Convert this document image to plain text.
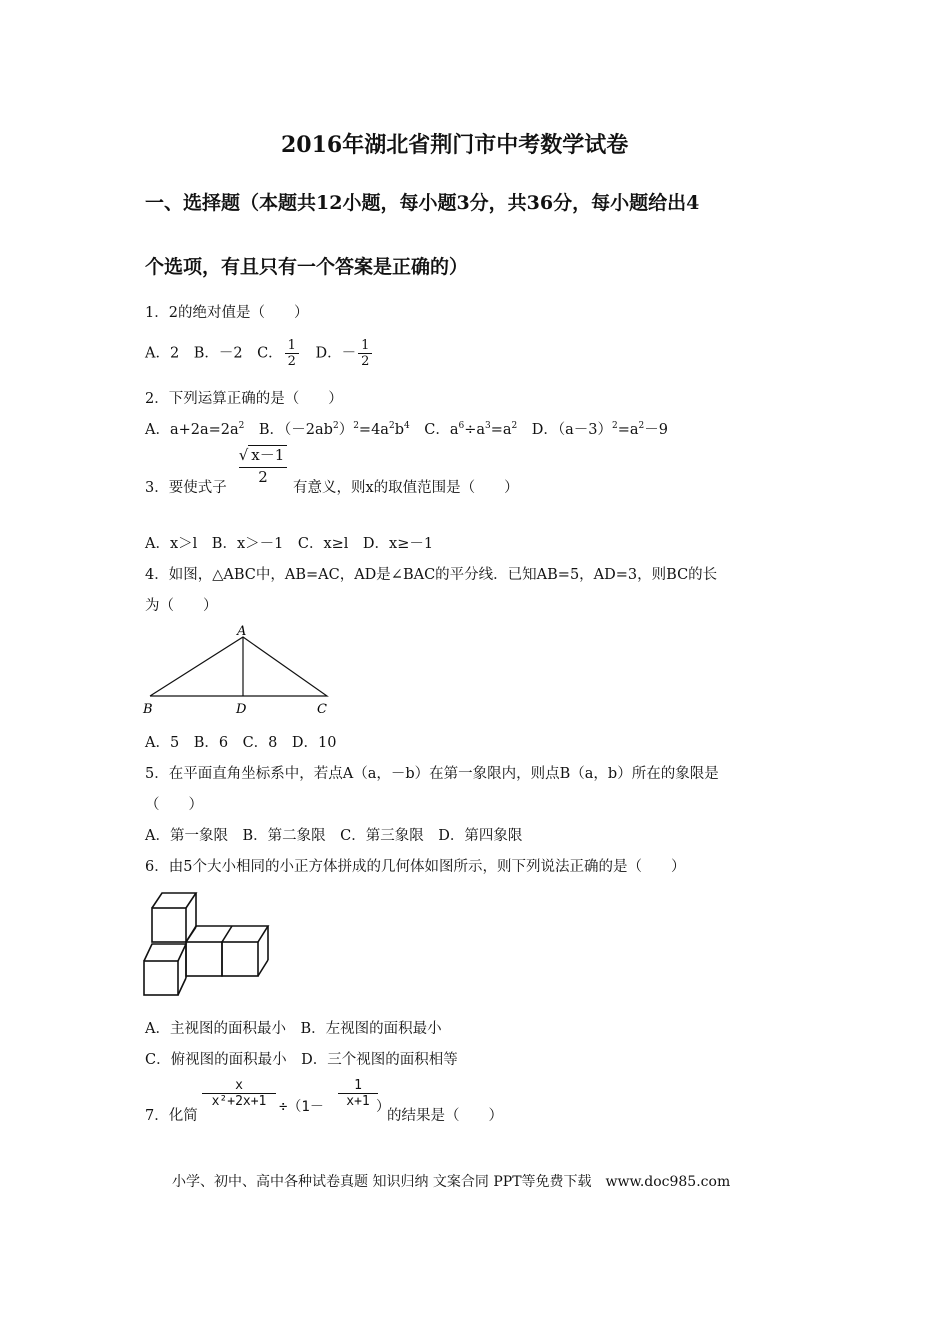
2016年湖北省荆门市中考数学试卷
一、选择题（本题共12小题，每小题3分，共36分，每小题给出4
个选项，有且只有一个答案是正确的）
1．2的绝对值是（　　）
A．2　B．－2　C． $\frac{1}{2}$ 　D．－ $\frac{1}{2}$
2．下列运算正确的是（　　）
A．$a+2a=2a^2$　B．$(-2ab^2)^2=4a^2b^4$　C．$a^6\div a^3=a^2$　D．$(a-3)^2=a^2-9$
3．要使式子
√ x－1
2
有意义，则x的取值范围是（　　）
A．x＞l　B．x＞－1　C．x≥l　D．x≥－1
4．如图，△ABC中，AB=AC，AD是∠BAC的平分线．已知AB=5，AD=3，则BC的长
为（　　）
A
B	D	C
A．5　B．6　C．8　D．10
5．在平面直角坐标系中，若点A（a，－b）在第一象限内，则点B（a，b）所在的象限是
（　　）
A．第一象限　B．第二象限　C．第三象限　D．第四象限
6．由5个大小相同的小正方体拼成的几何体如图所示，则下列说法正确的是（　　）
A．主视图的面积最小　B．左视图的面积最小
C．俯视图的面积最小　D．三个视图的面积相等
7．化简
$\frac{x}{\text{x²+2x+1}} \div(1- \frac{1}{x+1}$
）
的结果是（　　）
小学、初中、高中各种试卷真题 知识归纳 文案合同 PPT等免费下载　www.doc985.com
